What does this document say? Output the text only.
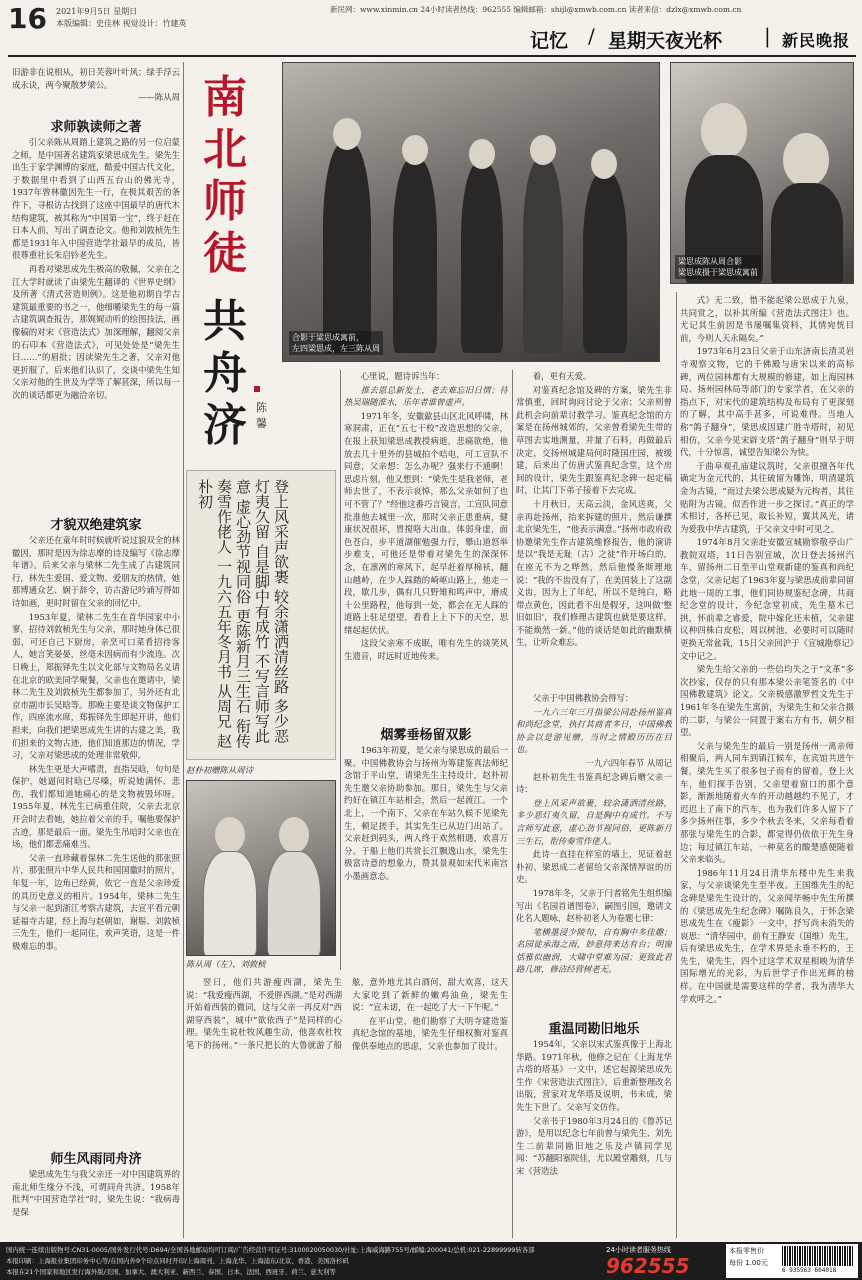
16 2021年9月5日 星期日
本版编辑：史佳林 视觉设计：竹建英
新民网：www.xinmin.cn 24小时读者热线：962555 编辑邮箱：shijl@xmwb.com.cn 读者来信：dzlx@xmwb.com.cn
记忆 / 星期天夜光杯 | 新民晚报
旧游非在说相从，初日芙蓉叶叶风；绿手浮云成永诀，两今聚散梦梁公。
——陈从周
求师孰读师之著

引父亲陈从周踏上建筑之路的另一位启蒙之师，是中国著名建筑家梁思成先生。梁先生出生于家学渊博的家庭，酷爱中国古代文化，于数据里中看到了山西五台山的佛光寺，1937年曾林徽因先生一行，在极其艰苦的条件下，寻根访古找到了这座中国最早的唐代木结构建筑，被其称为“中国第一宝”，终于赶在日本人前，写出了调查论文。他和刘敦桢先生都是1931年入中国营造学社最早的成员，皆很尊重社长朱启钤老先生。

再看对梁思成先生极高的敬佩，父亲在之江大学时就读了由梁先生翻译的《世界史纲》及所著《清式营造则例》。这是他初期自学古建筑最重要的书之一，他细嚼梁先生的每一篇古建筑调查报告，那娓娓动听的绘图技法，画像稿的对宋《营造法式》加深理解，翻阅父亲的石印本《营造法式》，可见处处是“梁先生曰……”的眉批；因读梁先生之著，父亲对他更折服了，后来他们认识了，交谈中梁先生知父亲对他的生世及为学等了解甚深，所以每一次的谈话都更为融洽亲切。

才貌双绝建筑家

父亲还在童年时时候就听说过貌双全的林徽因，那时是因为徐志摩的诗及编写《徐志摩年谱》。后来父亲与梁林二先生成了古建筑同行，林先生爱国、爱文物、爱朋友的热情，她那博通众艺、娴于辞令，访古游记吟诵写得如诗如画，更时时留在父亲的回忆中。

1953年夏，梁林二先生在首华园家中小寥，招待刘敦桢先生与父亲，那时她身体已很弱，可还自己下厨房，亲烹可口菜肴招待客人，她言笑晏晏，丝毫未因病而有少流连。次日晚上，郑振铎先生以文化部与文物局名义请在北京的欧美同学聚餐，父亲也在邀请中，梁林二先生及刘敦桢先生都参加了，另外还有北京市副市长吴晗等。那晚主要是谈文物保护工作，四座流水席，郑振铎先生即起开讲，他们担来，向我们把梁思成先生讲的古建之美，我们担来的文物古迹，他们知道那边的情况，学习，父亲对梁思成的处理非常敬仰。

林先生更是大声嗜责，直指吴晗，句句是保护，她逼问时晗已尽嗓，听说她满怀、悲伤，我们都知道她痛心的是文物被毁坏呀。1955年夏，林先生已病重住院，父亲去北京开会时去看她，她拉着父亲的手，嘱他要保护古迹，那是最后一面。梁先生吊唁时父亲也在场，他们都悲痛难当。

父亲一直珍藏着保林二先生送他的那张照片，那张照片中华人民共和国国徽时的照片，年复一年，边角已经黄，依它一直是父亲珍爱的具历史意义的相片。1954年，梁林二先生与父亲一起到浙江考察古建筑，去宣平看元朝延福寺古建，经上海与赵朝如，谢鬃、刘敦桢三先生，他们一起同住，欢声笑语，这是一件极难忘的事。

师生风雨同舟济

梁思成先生与我父亲还一对中国建筑界的南北师生缘分不浅，可谓同舟共济。1958年批判“中国营造学社”时，梁先生说：“我病毒是保

南北师徒
共舟济 陈馨
合影于梁思成寓前，
左四梁思成，左三陈从周
梁思成陈从周合影
梁思成摄于梁思成寓前
登上风采声欲裹 较余潇洒清丝路 多少恶灯夷久留 自是脚中有成竹 不写言师写此意 虚心劲节视同俗 更陈新月三生石 衔传奏雪作佬人 一九六五年冬月书 从周兄 赵朴初
赵朴初赠陈从周诗
陈从周（左）、刘敦桢

心里说，题诗诉当年：

推去恩总新发土，老去难忘旧日情；待热吴瑞随淮水，乐年者谁曾虚声。

1971年冬，安徽歙县山区北风呼啸，林寒洞肃，正在“五七干校”改造思想的父亲，在报上获知梁思成教授病逝，悲痛欲绝，他放去几十里外的县城拍个唁电，可工宣队不同意，父亲想：怎么办呢？强来行不通啊！思虑片刻，他又想到：“梁先生是我老师，老师去世了，不表示哀悼，那么父亲如何了也可不管了？”经他这番巧言镜言，工宣队同意批准他去城里一次，那时父亲正患重病，健康状况很坏，胃搅咯大出血，体弱身虚，面色苍白，步平道湖催勉强力行，攀山道怒举步难支，可他还是带着对梁先生的深深怀念，在凛冽的寒风下，起早赶着厚棉袄，翻山越岭，在少人踩踏的崎岖山路上，他走一段，歇几步，偶有几只野雉和鸣声中，磨成十公里路程，他每到一处，都会在无人踩的道路上驻足望望，看看上上下下的天空，思绪起起伏伏。

这段父亲寒不成眠，唯有先生的谈笑风生遗音，时远时近地传来。

烟雾垂杨留双影

1963年初夏，是父亲与梁思成的最后一聚。中国佛教协会与扬州为筹建鉴真法师纪念馆于平山堂，请梁先生主持设计，赵朴初先生邀父亲协助参加。那日，梁先生与父亲约好在镇江车站相会，然后一起渡江。一个北上，一个南下，父亲在车站久候不见梁先生，顿足搓手，其实先生已从边门出站了。父亲赶到码头，两人终于欢然相遇，欢喜万分。于船上他们共赏长江飘逸山水，梁先生极富诗意的想象力，赞其景观如宋代米南宫小墨画意态。

翌日，他们共游瘦西湖，梁先生说：“我爱瘦西湖，不爱胖西湖。”是对西湖开始着西装的微词，这与父亲一再反对“西湖穿西装”，城中“欲依西子”是同样的心理。梁先生说杜牧风趣生动，他喜欢杜牧笔下的扬州。”一条尺把长的大鲁就游了船舷，意外地尤其白酒何，甜大欢喜，这天大家吃到了新鲜的嫩鸡油鱼，梁先生说：“宣未诺，在一起吃了大一下午呢。”

在平山堂，他们勘察了大明寺建造鉴真纪念馆的基地，梁先生仔细权衡对鉴真像供奉地点的思虑，父亲也参加了设计。

着，更有天爱。

对鉴真纪念馆及碑的方案，梁先生非常慎重，回时询问讨论于父亲；父亲则曾此机会向前辈讨教学习。鉴真纪念馆的方案是在扬州城郊的，父亲曾看梁先生带的草图去实地测量，并量了石料，再做最后决定，交扬州城建局何时隆国庄园，被缓建，后来出了仿唐式鉴真纪念堂，这个房间的设计，梁先生跟鉴真纪念碑一起定稿时，让其门下弟子接着下去完成。

十月秋日，天高云淡，金风送爽，父亲再赴扬州，抬来拆建的照片，然后谦撰北京梁先生，“他表示满意。”扬州市政府政协邀梁先生作古建筑维修报告，他的演讲是以“我是无耻（古）之徒”作开场白的，在座无不为之哗然，然后他慢条斯理地说：“我的不齿没有了，在美国装上了这副义齿，因为上了年纪，所以不是纯白，略带点黄色，因此看不出是假牙，这叫做‘整旧如旧’，我们修理古建筑也就是要这样，不能焕然一新。”他的谈话是如此的幽默横生，让听众难忘。

父亲于中国佛教协会得写：

一九六三年三月指梁公同赴扬州鉴真和尚纪念堂，执打其商者多日，中国佛教协会以是游见赠，当时之情殿历历在目也。

一九六四年春节 从周记

赵朴初先生书鉴真纪念碑后赠父亲一诗：

登上风采声欲裹，较余潇洒清丝路，多少恶灯夷久留，自是胸中有成竹。不写言师写此意，虚心劲节视同俗，更陈新月三生石，衔传奏雪作佬人。

此诗一直挂在梓室的墙上，见证着赵朴初、梁思成二老留给父亲深情厚谊的历史。

1978年冬，父亲于闩者铭先生组织编写出《名园首谱图卷》，嗣图引国，邀请文化名人题咏，赵朴初老人为卷题七律：

笔横墨浸少陵句，自有胸中多佳趣；名园徒承海之雨，妙意持来达有台；明窗恬雅似幽润，大啸中堂难为园；更致此君路几席，修洁经营树老无。

重温同勘旧地乐

1954年，父亲以宋式鉴真像于上海北华路。1971年秋，他修之记在《上海龙华古塔的塔基》一文中，述它起源梁思成先生作《宋营造法式图注》，后重新整理改名出版，营家对龙华塔及说明，书未成，梁先生下世了。父亲写文仿作。

父亲书于1980年3月24日的《鲁苏记游》，是用以纪念七年前曾与梁先生、刘先生二前辈同勘旧地之乐及卢镇同学见闻：“苏翻阳塞院佳，尤以殿堂雕刻，几与宋《营造法

式》无二致，惜不能起梁公思成于九泉，共同赏之，以补其所编《营造法式图注》也。尤记其生前因是书屡嘱集资料，其情宛恍目前，今则人天永隔矣。”

1973年6月23日父亲于山东济南长清灵岩寺观察文物，它的千佛殿与唐宋以来的高标碑，两位园林都有大规模的修建，如上海园林局、扬州园林局等部门的专家学者，在父亲的指点下，对宋代的建筑结构及布局有了更深刻的了解，其中高手甚多，可说难得。当地人称“鸽子翻身”，梁思成因建广胜寺塔时，初见相仿，父亲今见宋辟支塔“鸽子翻身”则早于明代，十分惊喜，诚望告知梁公为快。

于曲阜观孔庙建议筑时，父亲很擅各年代确定为金元代的，其往破留为雕饰，明清建筑金为古镜，“而过去梁公思成疑为元构者，其往贴附为古镜，似否作进一步之探讨。”真正的学术相讨，各杯已见，取长补短，翼其风光，诸为爱我中华古建筑，于父亲文中时可见之。

1974年8月父亲赴安徽宣城勘察敬亭山广教院双塔，11日告别宣城，次日登去扬州汽车，留扬州二日至平山堂观新建的鉴真和尚纪念堂，父亲记起了1963年夏与梁思成前辈同留此地一周的工事，他们同协规鉴纪念碑，共商纪念堂的设计，今纪念堂初成，先生墓木已拱，怀前辈之睿爱，院中嫁化还未植，父亲建议种四株白皮松，周以树池，必要时可以随时更换无常盆栽，15日父亲回沪于《宣城勘察记》文中记之。

梁先生给父亲的一些信均失之于“文革”多次抄家，仅存的只有那本梁公亲笔签名的《中国佛教建筑》论文。父亲极感激罗哲文先生于1961年冬在梁先生寓前，为梁先生和父亲合摄的二影，与梁公一同置于案右方有书，朝夕相望。

父亲与梁先生的最后一别是扬州一离亲师相聚后，两人同车到镇江候车，在宾馆共进午餐，梁先生买了很多包子而有的留着，登上火车，他们探手告别，父亲望着窗口的那个意影，渐渐地随着火车的开动越越约不见了，才迟迟上了南下的汽车，也为我们许多人留下了多少扬州往事，多少个秋去冬来，父亲每看着那张与梁先生的合影，都觉得仍依依于先生身边；每过镇江车站，一种莫名的酸楚感便随着父亲来临头。

1986年11月24日清华东楼中先生来我家，与父亲谈梁先生至半夜。王国维先生的纪念碑是梁先生设计的，父亲闻毕畅中先生所撰的《梁思成先生纪念碑》嘱陈良久，于怀念梁思成先生在《瘦影》一文中，抒写尚未消失的哀思：“清华园中，前有王静安（国维）先生，后有梁思成先生，在学术界是永垂不朽的，王先生，梁先生，四个过这学术双星相映为清华国际增光的光彩，为后世学子作出光辉的榜样。在中国就是需要这样的学者，我为清华大学欢呼之。”

国内统一连续出版物号:CN31-0005/国外发行代号:D694/全国各地邮局均可订阅/广告经营许可证号:3100020050030/社址:上海威海路755号/邮编:200041/总机:021-22899999转各部
本报印刷：上海报业集团印务中心等/在国内外9个印点同时开印/上海周刊、上海龙华、上海浦东/北京、香港、美国洛杉矶
本报在21个国家和地区发行海外版/美国、加拿大、澳大利亚、新西兰、泰国、日本、法国、西班牙、荷兰、意大利等
24小时读者服务热线
962555
本报零售价
每份 1.00元
6 935563 604018
